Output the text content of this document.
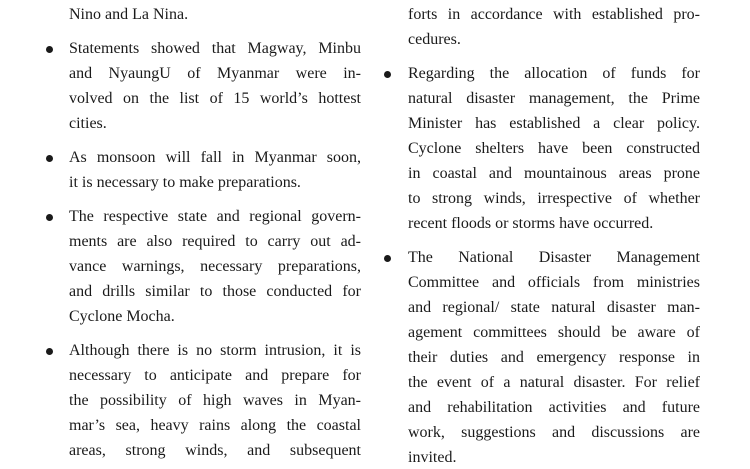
Nino and La Nina.
Statements showed that Magway, Minbu
and NyaungU of Myanmar were in-
volved on the list of 15 world’s hottest
cities.
As monsoon will fall in Myanmar soon,
it is necessary to make preparations.
The respective state and regional govern-
ments are also required to carry out ad-
vance warnings, necessary preparations,
and drills similar to those conducted for
Cyclone Mocha.
Although there is no storm intrusion, it is
necessary to anticipate and prepare for
the possibility of high waves in Myan-
mar’s sea, heavy rains along the coastal
areas, strong winds, and subsequent
forts in accordance with established pro-
cedures.
Regarding the allocation of funds for
natural disaster management, the Prime
Minister has established a clear policy.
Cyclone shelters have been constructed
in coastal and mountainous areas prone
to strong winds, irrespective of whether
recent floods or storms have occurred.
The National Disaster Management
Committee and officials from ministries
and regional/ state natural disaster man-
agement committees should be aware of
their duties and emergency response in
the event of a natural disaster. For relief
and rehabilitation activities and future
work, suggestions and discussions are
invited.
